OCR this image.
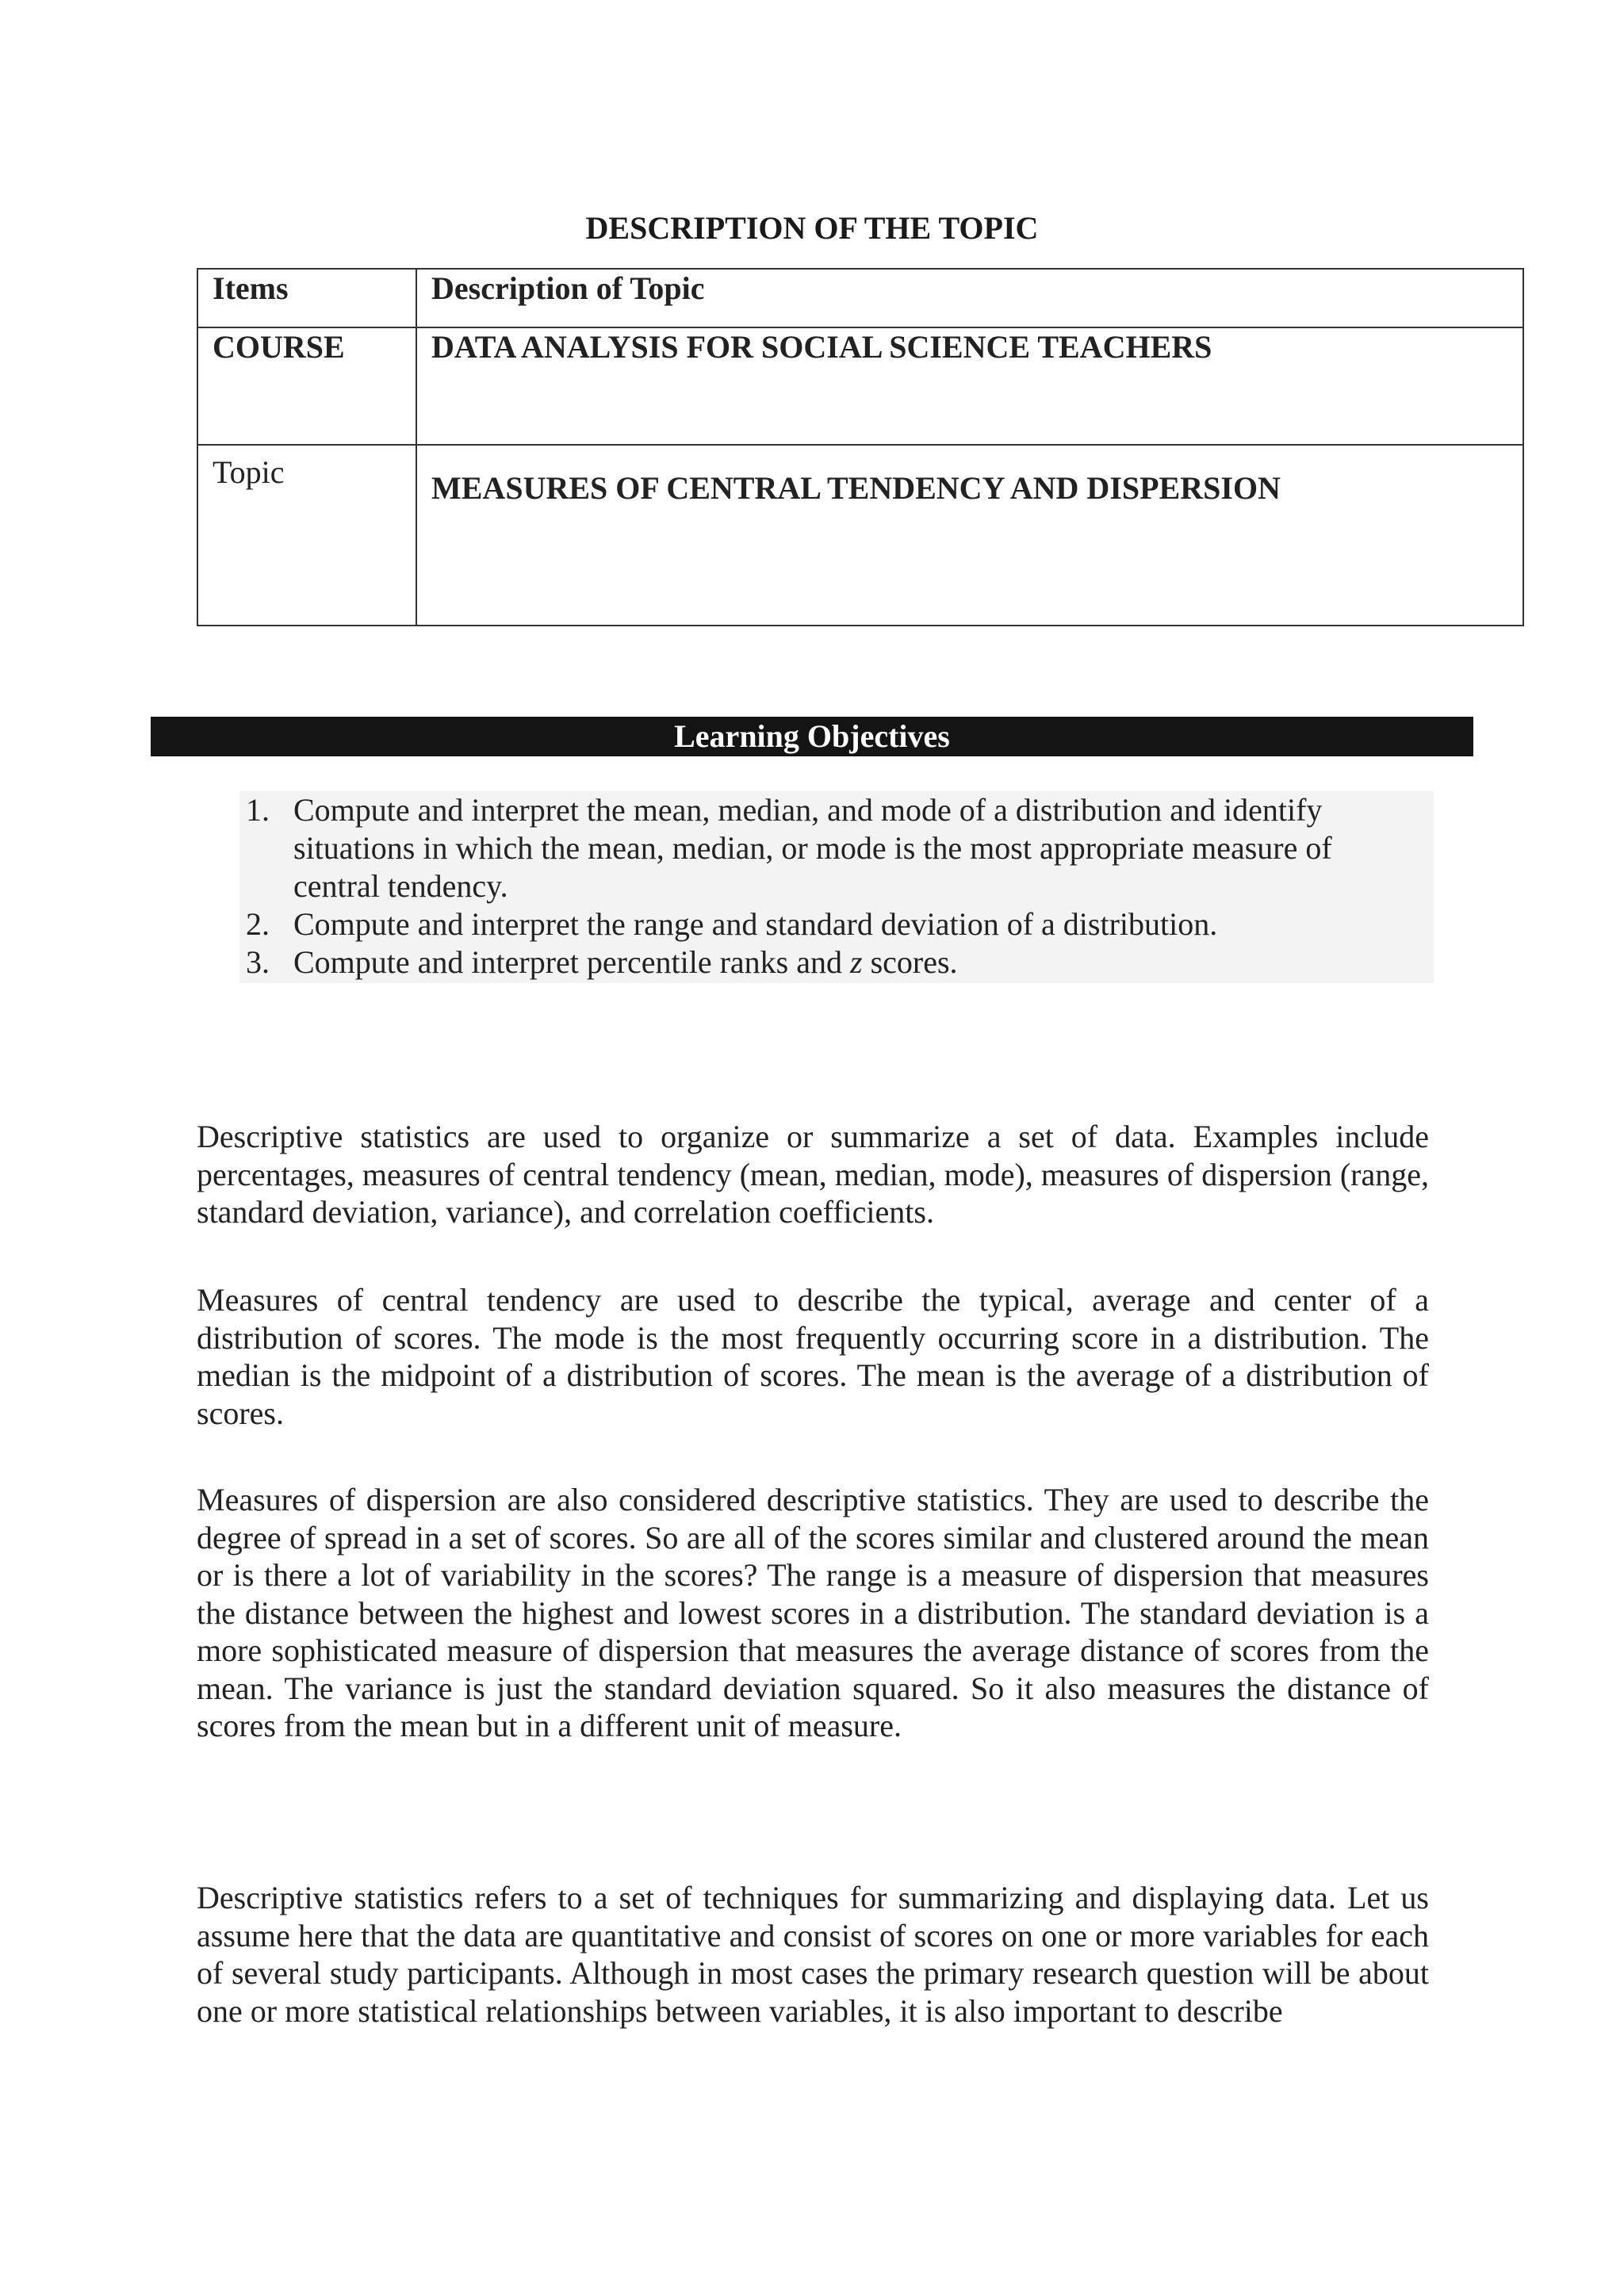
DESCRIPTION OF THE TOPIC
Items	Description of Topic
COURSE	DATA ANALYSIS FOR SOCIAL SCIENCE TEACHERS
Topic	MEASURES OF CENTRAL TENDENCY AND DISPERSION
Learning Objectives
1. Compute and interpret the mean, median, and mode of a distribution and identify situations in which the mean, median, or mode is the most appropriate measure of central tendency.
2. Compute and interpret the range and standard deviation of a distribution.
3. Compute and interpret percentile ranks and z scores.

Descriptive statistics are used to organize or summarize a set of data. Examples include percentages, measures of central tendency (mean, median, mode), measures of dispersion (range, standard deviation, variance), and correlation coefficients.

Measures of central tendency are used to describe the typical, average and center of a distribution of scores. The mode is the most frequently occurring score in a distribution. The median is the midpoint of a distribution of scores. The mean is the average of a distribution of scores.

Measures of dispersion are also considered descriptive statistics. They are used to describe the degree of spread in a set of scores. So are all of the scores similar and clustered around the mean or is there a lot of variability in the scores? The range is a measure of dispersion that measures the distance between the highest and lowest scores in a distribution. The standard deviation is a more sophisticated measure of dispersion that measures the average distance of scores from the mean. The variance is just the standard deviation squared. So it also measures the distance of scores from the mean but in a different unit of measure.

Descriptive statistics refers to a set of techniques for summarizing and displaying data. Let us assume here that the data are quantitative and consist of scores on one or more variables for each of several study participants. Although in most cases the primary research question will be about one or more statistical relationships between variables, it is also important to describe
